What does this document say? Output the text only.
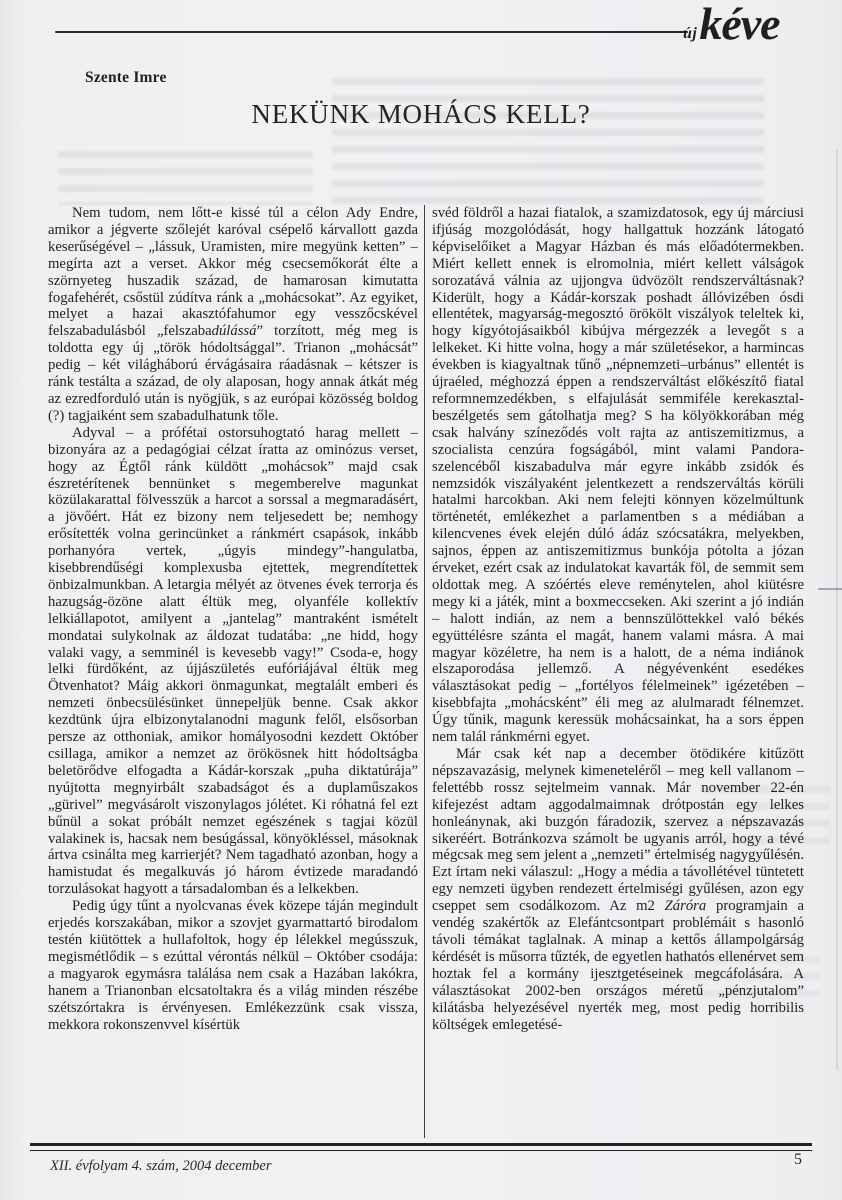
újkéve
Szente Imre
NEKÜNK MOHÁCS KELL?

Nem tudom, nem lőtt-e kissé túl a célon Ady Endre, amikor a jégverte szőlejét karóval csépelő kárvallott gazda keserűségével – „lássuk, Uramisten, mire megyünk ketten” – megírta azt a verset. Akkor még csecsemőkorát élte a szörnyeteg huszadik század, de hamarosan kimutatta fogafehérét, csőstül zúdítva ránk a „mohácsokat”. Az egyiket, melyet a hazai akasztófahumor egy vesszőcskével felszabadulásból „felszabadúlássá” torzított, még meg is toldotta egy új „török hódoltsággal”. Trianon „mohácsát” pedig – két világháború érvágásaira ráadásnak – kétszer is ránk testálta a század, de oly alaposan, hogy annak átkát még az ezredforduló után is nyögjük, s az európai közösség boldog (?) tagjaiként sem szabadulhatunk tőle.

Adyval – a prófétai ostorsuhogtató harag mellett – bizonyára az a pedagógiai célzat íratta az ominózus verset, hogy az Égtől ránk küldött „mohácsok” majd csak észretérítenek bennünket s megemberelve magunkat közülakarattal fölvesszük a harcot a sorssal a megmaradásért, a jövőért. Hát ez bizony nem teljesedett be; nemhogy erősítették volna gerincünket a ránkmért csapások, inkább porhanyóra vertek, „úgyis mindegy”-hangulatba, kisebbrendűségi komplexusba ejtettek, megrendítettek önbizalmunkban. A letargia mélyét az ötvenes évek terrorja és hazugság-özöne alatt éltük meg, olyanféle kollektív lelkiállapotot, amilyent a „jantelag” mantraként ismételt mondatai sulykolnak az áldozat tudatába: „ne hidd, hogy valaki vagy, a semminél is kevesebb vagy!” Csoda-e, hogy lelki fürdőként, az újjászületés eufóriájával éltük meg Ötvenhatot? Máig akkori önmagunkat, megtalált emberi és nemzeti önbecsülésünket ünnepeljük benne. Csak akkor kezdtünk újra elbizonytalanodni magunk felől, elsősorban persze az otthoniak, amikor homályosodni kezdett Október csillaga, amikor a nemzet az örökösnek hitt hódoltságba beletörődve elfogadta a Kádár-korszak „puha diktatúrája” nyújtotta megnyirbált szabadságot és a duplaműszakos „gürivel” megvásárolt viszonylagos jólétet. Ki róhatná fel ezt bűnül a sokat próbált nemzet egészének s tagjai közül valakinek is, hacsak nem besúgással, könyökléssel, másoknak ártva csinálta meg karrierjét? Nem tagadható azonban, hogy a hamistudat és megalkuvás jó három évtizede maradandó torzulásokat hagyott a társadalomban és a lelkekben.

Pedig úgy tűnt a nyolcvanas évek közepe táján megindult erjedés korszakában, mikor a szovjet gyarmattartó birodalom testén kiütöttek a hullafoltok, hogy ép lélekkel megússzuk, megismétlődik – s ezúttal vérontás nélkül – Október csodája: a magyarok egymásra találása nem csak a Hazában lakókra, hanem a Trianonban elcsatoltakra és a világ minden részébe szétszórtakra is érvényesen. Emlékezzünk csak vissza, mekkora rokonszenvvel kísértük

svéd földről a hazai fiatalok, a szamizdatosok, egy új márciusi ifjúság mozgolódását, hogy hallgattuk hozzánk látogató képviselőiket a Magyar Házban és más előadótermekben. Miért kellett ennek is elromolnia, miért kellett válságok sorozatává válnia az ujjongva üdvözölt rendszerváltásnak? Kiderült, hogy a Kádár-korszak poshadt állóvizében ósdi ellentétek, magyarság-megosztó örökölt viszályok teleltek ki, hogy kígyótojásaikból kibújva mérgezzék a levegőt s a lelkeket. Ki hitte volna, hogy a már születésekor, a harmincas években is kiagyaltnak tűnő „népnemzeti–urbánus” ellentét is újraéled, méghozzá éppen a rendszerváltást előkészítő fiatal reformnemzedékben, s elfajulását semmiféle kerekasztal-beszélgetés sem gátolhatja meg? S ha kölyökkorában még csak halvány színeződés volt rajta az antiszemitizmus, a szocialista cenzúra fogságából, mint valami Pandora-szelencéből kiszabadulva már egyre inkább zsidók és nemzsidók viszályaként jelentkezett a rendszerváltás körüli hatalmi harcokban. Aki nem felejti könnyen közelmúltunk történetét, emlékezhet a parlamentben s a médiában a kilencvenes évek elején dúló ádáz szócsatákra, melyekben, sajnos, éppen az antiszemitizmus bunkója pótolta a józan érveket, ezért csak az indulatokat kavarták föl, de semmit sem oldottak meg. A szóértés eleve reménytelen, ahol kiütésre megy ki a játék, mint a boxmeccseken. Aki szerint a jó indián – halott indián, az nem a bennszülöttekkel való békés együttélésre szánta el magát, hanem valami másra. A mai magyar közéletre, ha nem is a halott, de a néma indiánok elszaporodása jellemző. A négyévenként esedékes választásokat pedig – „fortélyos félelmeinek” igézetében – kisebbfajta „mohácsként” éli meg az alulmaradt félnemzet. Úgy tűnik, magunk keressük mohácsainkat, ha a sors éppen nem talál ránkmérni egyet.

Már csak két nap a december ötödikére kitűzött népszavazásig, melynek kimeneteléről – meg kell vallanom – felettébb rossz sejtelmeim vannak. Már november 22-én kifejezést adtam aggodalmaimnak drótpostán egy lelkes honleánynak, aki buzgón fáradozik, szervez a népszavazás sikeréért. Botránkozva számolt be ugyanis arról, hogy a tévé mégcsak meg sem jelent a „nemzeti” értelmiség nagygyűlésén. Ezt írtam neki válaszul: „Hogy a média a távollétével tüntetett egy nemzeti ügyben rendezett értelmiségi gyűlésen, azon egy cseppet sem csodálkozom. Az m2 Záróra programjain a vendég szakértők az Elefántcsontpart problémáit s hasonló távoli témákat taglalnak. A minap a kettős állampolgárság kérdését is műsorra tűzték, de egyetlen hathatós ellenérvet sem hoztak fel a kormány ijesztgetéseinek megcáfolására. A választásokat 2002-ben országos méretű „pénzjutalom” kilátásba helyezésével nyerték meg, most pedig horribilis költségek emlegetésé-

XII. évfolyam 4. szám, 2004 december	5
